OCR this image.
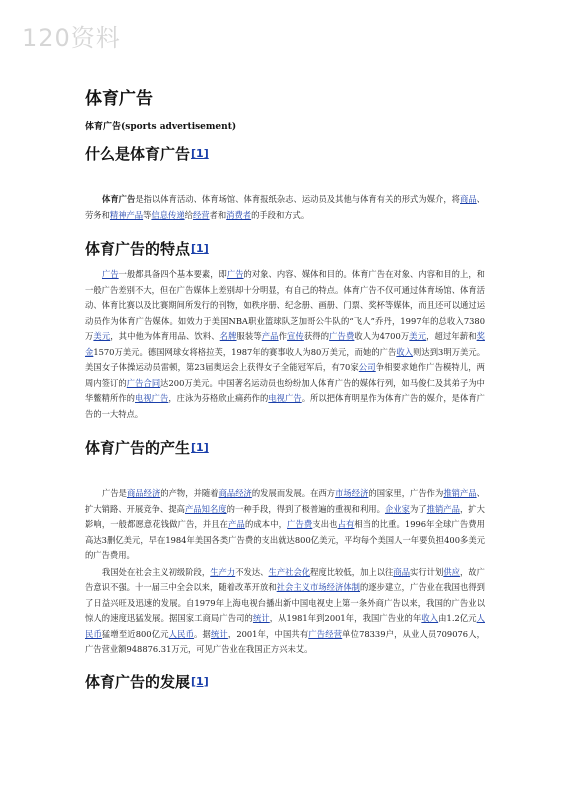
120资料
体育广告
体育广告(sports advertisement)
什么是体育广告[1]

体育广告是指以体育活动、体育场馆、体育报纸杂志、运动员及其他与体育有关的形式为媒介，将商品、劳务和精神产品等信息传递给经营者和消费者的手段和方式。

体育广告的特点[1]

广告一般都具备四个基本要素，即广告的对象、内容、媒体和目的。体育广告在对象、内容和目的上，和一般广告差别不大，但在广告媒体上差别却十分明显，有自己的特点。体育广告不仅可通过体育场馆、体育活动、体育比赛以及比赛期间所发行的刊物，如秩序册、纪念册、画册、门票、奖杯等媒体，而且还可以通过运动员作为体育广告媒体。如效力于美国NBA职业篮球队芝加哥公牛队的“飞人”乔丹，1997年的总收入7380万美元，其中他为体育用品、饮料、名牌服装等产品作宣传获得的广告费收人为4700万美元，超过年薪和奖金1570万美元。德国网球女将格拉芙，1987年的赛事收人为80万美元，而她的广告收入则达到3明万美元。美国女子体操运动员雷顿，第23届奥运会上获得女子全能冠军后，有70家公司争相要求她作广告模特儿，两周内签订的广告合同达200万美元。中国著名运动员也纷纷加人体育广告的媒体行列，如马俊仁及其弟子为中华鳖精所作的电视广告，庄泳为芬格欣止痛药作的电视广告。所以把体育明星作为体育广告的媒介，是体育广告的一大特点。

体育广告的产生[1]

广告是商品经济的产物，并随着商品经济的发展而发展。在西方市场经济的国家里，广告作为推销产品、扩大销路、开展竞争、提高产品知名度的一种手段，得到了极普遍的重视和利用。企业家为了推销产品，扩大影响，一般都愿意花钱做广告，并且在产品的成本中，广告费支出也占有相当的比重。1996年全球广告费用高达3删亿美元，早在1984年美国各类广告费的支出就达800亿美元，平均每个美国人一年要负担400多美元的广告费用。

我国处在社会主义初级阶段，生产力不发达、生产社会化程度比较低，加上以往商品实行计划供应，故广告意识不强。十一届三中全会以来，随着改革开放和社会主义市场经济体制的逐步建立，广告业在我国也得到了日益兴旺及迅速的发展。自1979年上海电视台播出新中国电视史上第一条外商广告以来，我国的广告业以惊人的速度迅猛发展。据国家工商局广告司的统计，从1981年到2001年，我国广告业的年收入由1.2亿元人民币猛增至近800亿元人民币。据统计，2001年，中国共有广告经营单位78339户，从业人员709076人，广告营业额948876.31万元，可见广告业在我国正方兴未艾。

体育广告的发展[1]
